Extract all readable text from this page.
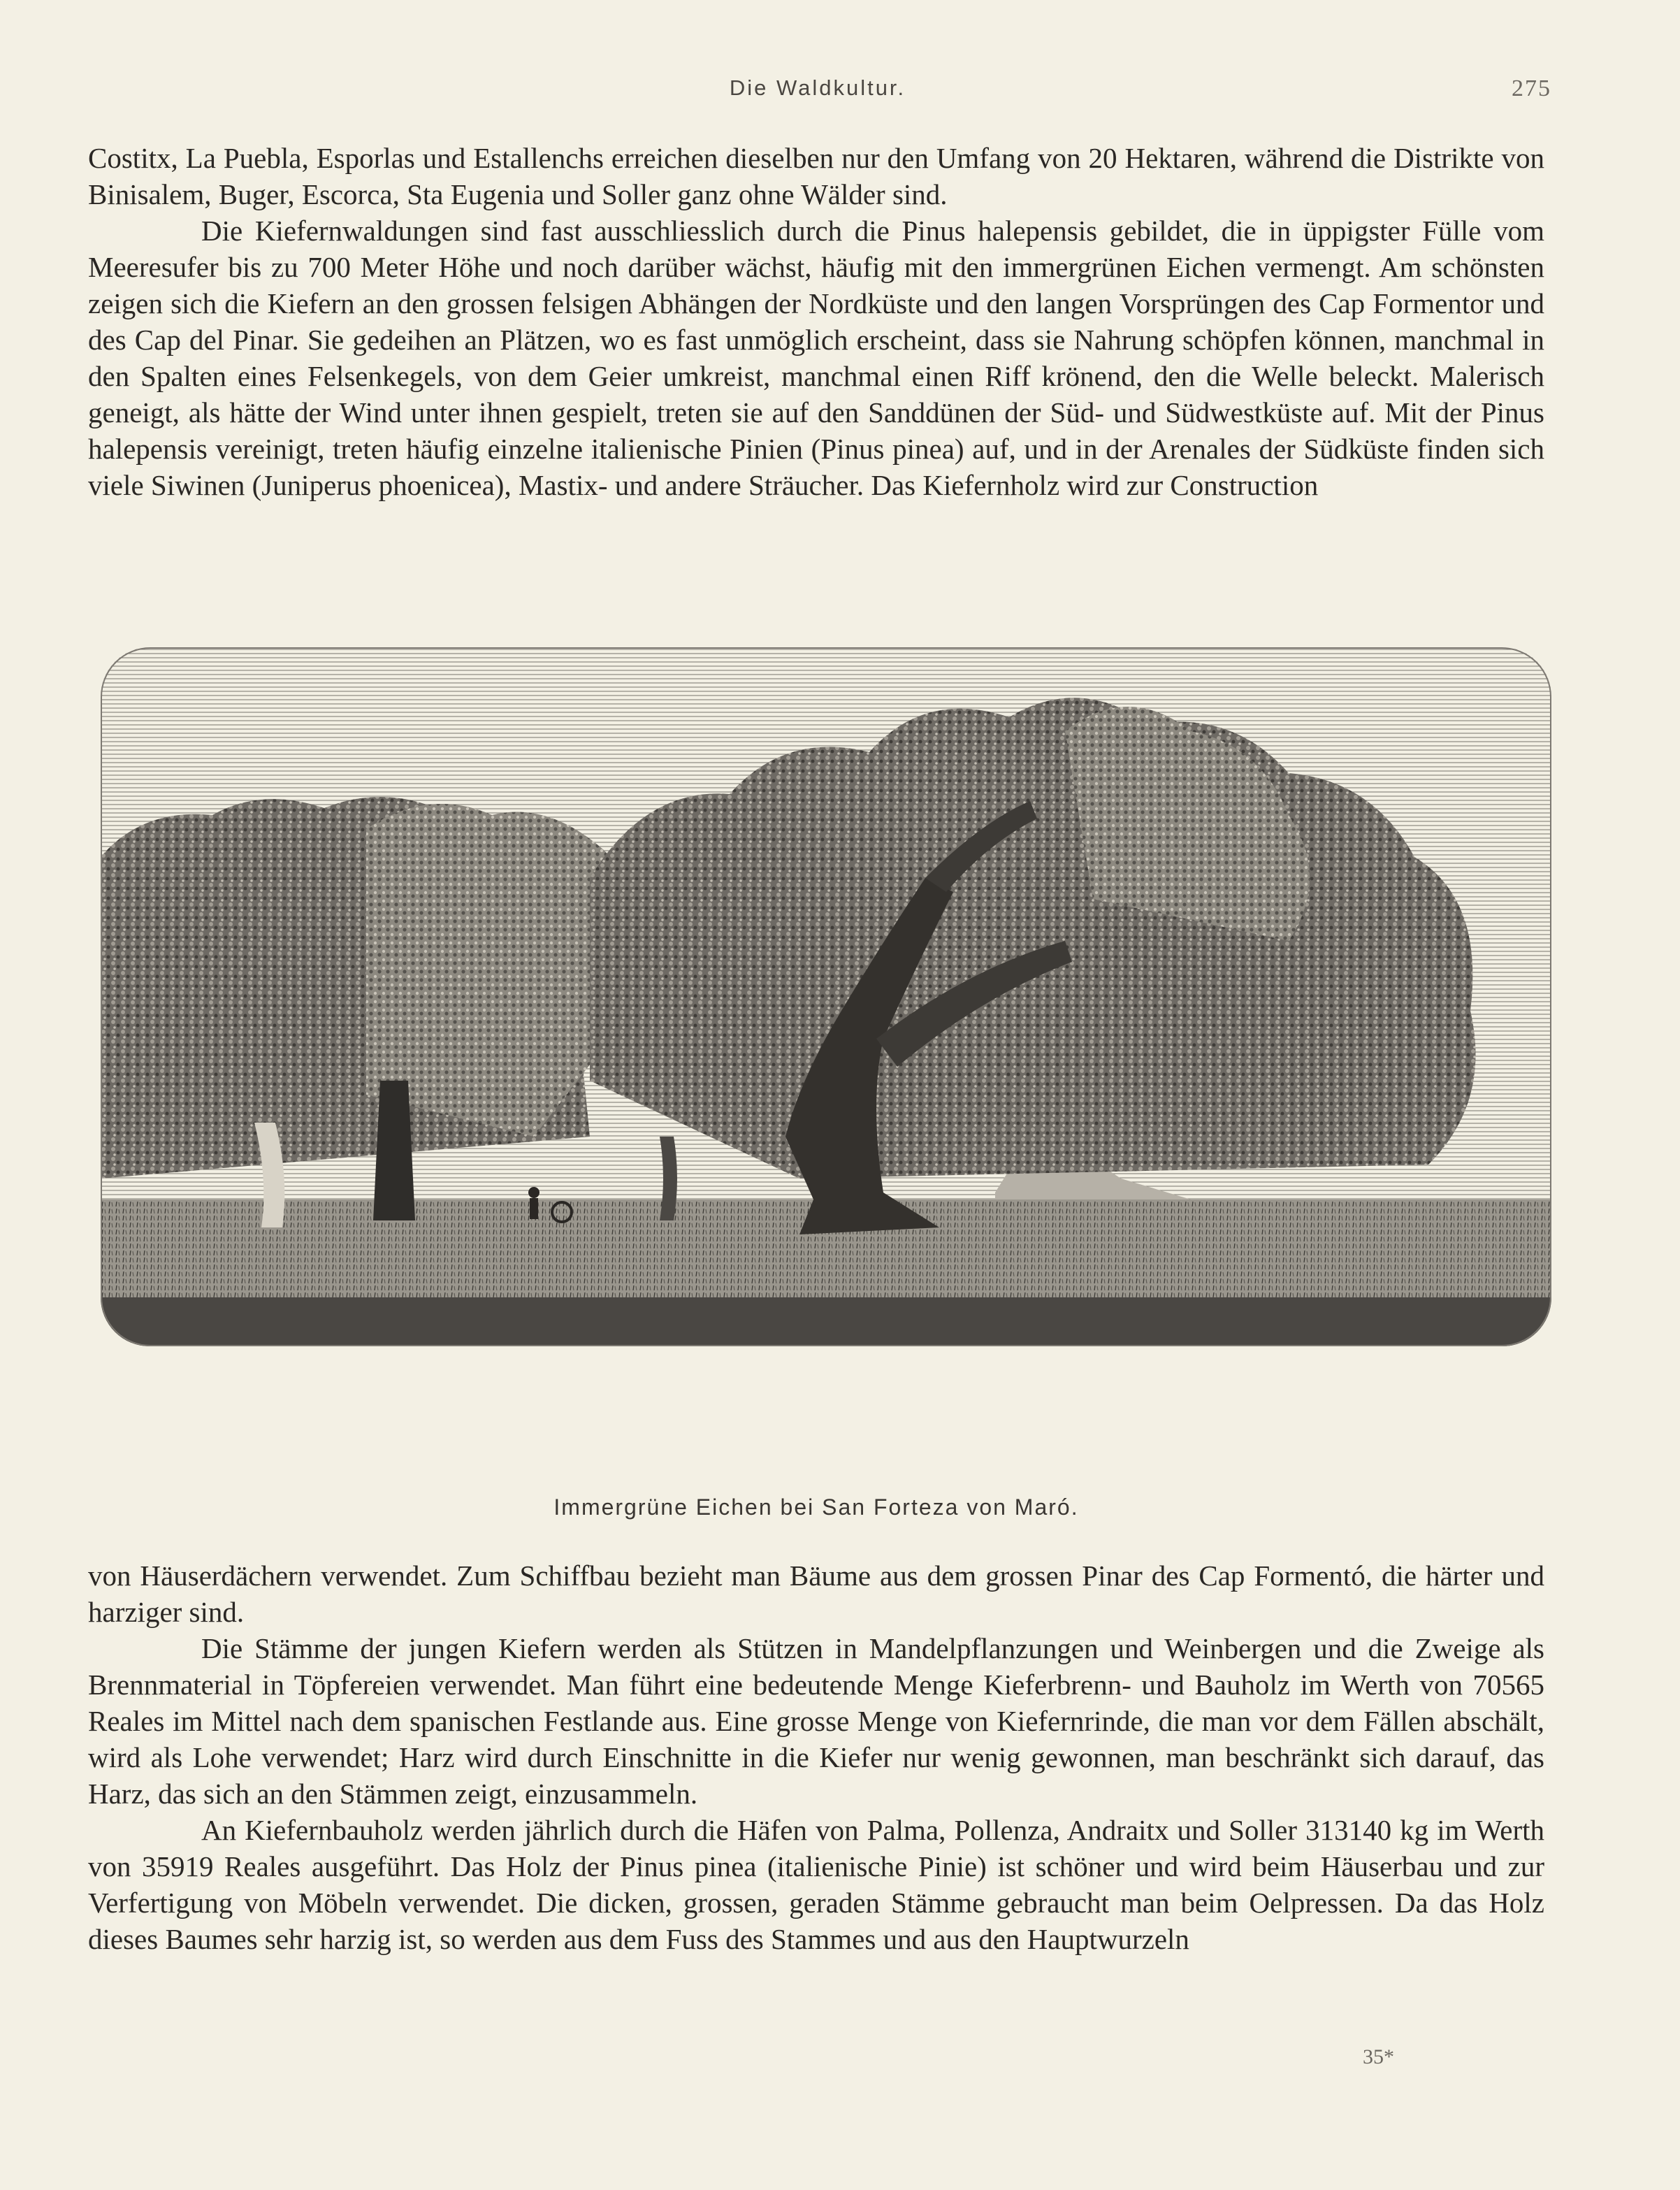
Die Waldkultur.	275

Costitx, La Puebla, Esporlas und Estallenchs erreichen dieselben nur den Umfang von 20 Hektaren, während die Distrikte von Binisalem, Buger, Escorca, Sta Eugenia und Soller ganz ohne Wälder sind.

Die Kiefernwaldungen sind fast ausschliesslich durch die Pinus halepensis gebildet, die in üppigster Fülle vom Meeresufer bis zu 700 Meter Höhe und noch darüber wächst, häufig mit den immergrünen Eichen vermengt. Am schönsten zeigen sich die Kiefern an den grossen felsigen Abhängen der Nordküste und den langen Vorsprüngen des Cap Formentor und des Cap del Pinar. Sie gedeihen an Plätzen, wo es fast unmöglich erscheint, dass sie Nahrung schöpfen können, manchmal in den Spalten eines Felsenkegels, von dem Geier umkreist, manchmal einen Riff krönend, den die Welle beleckt. Malerisch geneigt, als hätte der Wind unter ihnen gespielt, treten sie auf den Sanddünen der Süd- und Südwestküste auf. Mit der Pinus halepensis vereinigt, treten häufig einzelne italienische Pinien (Pinus pinea) auf, und in der Arenales der Südküste finden sich viele Siwinen (Juniperus phoenicea), Mastix- und andere Sträucher. Das Kiefernholz wird zur Construction

Immergrüne Eichen bei San Forteza von Maró.

von Häuserdächern verwendet. Zum Schiffbau bezieht man Bäume aus dem grossen Pinar des Cap Formentó, die härter und harziger sind.

Die Stämme der jungen Kiefern werden als Stützen in Mandelpflanzungen und Weinbergen und die Zweige als Brennmaterial in Töpfereien verwendet. Man führt eine bedeutende Menge Kieferbrenn- und Bauholz im Werth von 70565 Reales im Mittel nach dem spanischen Festlande aus. Eine grosse Menge von Kiefernrinde, die man vor dem Fällen abschält, wird als Lohe verwendet; Harz wird durch Einschnitte in die Kiefer nur wenig gewonnen, man beschränkt sich darauf, das Harz, das sich an den Stämmen zeigt, einzusammeln.

An Kiefernbauholz werden jährlich durch die Häfen von Palma, Pollenza, Andraitx und Soller 313140 kg im Werth von 35919 Reales ausgeführt. Das Holz der Pinus pinea (italienische Pinie) ist schöner und wird beim Häuserbau und zur Verfertigung von Möbeln verwendet. Die dicken, grossen, geraden Stämme gebraucht man beim Oelpressen. Da das Holz dieses Baumes sehr harzig ist, so werden aus dem Fuss des Stammes und aus den Hauptwurzeln

35*
